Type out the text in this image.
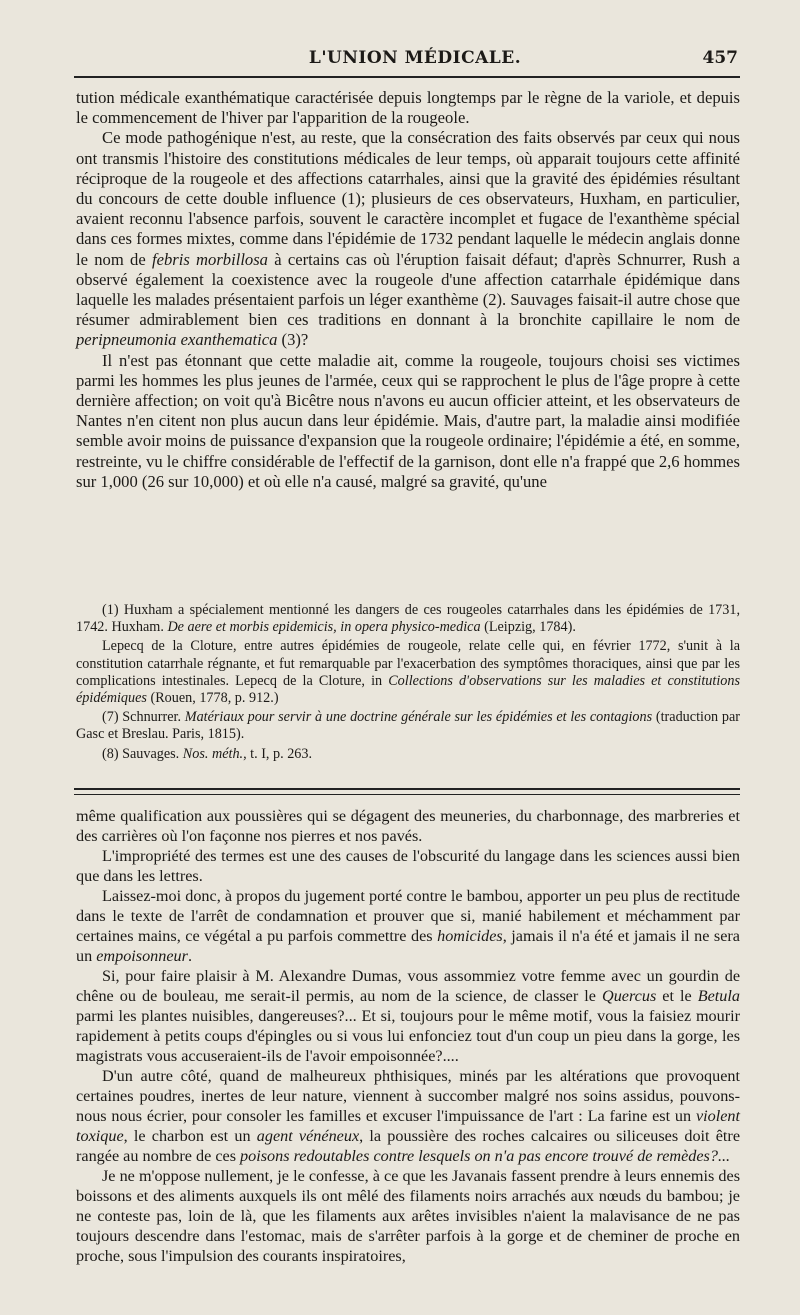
L'UNION MÉDICALE.	457

tution médicale exanthématique caractérisée depuis longtemps par le règne de la variole, et depuis le commencement de l'hiver par l'apparition de la rougeole.

Ce mode pathogénique n'est, au reste, que la consécration des faits observés par ceux qui nous ont transmis l'histoire des constitutions médicales de leur temps, où apparait toujours cette affinité réciproque de la rougeole et des affections catarrhales, ainsi que la gravité des épidémies résultant du concours de cette double influence (1); plusieurs de ces observateurs, Huxham, en particulier, avaient reconnu l'absence parfois, souvent le caractère incomplet et fugace de l'exanthème spécial dans ces formes mixtes, comme dans l'épidémie de 1732 pendant laquelle le médecin anglais donne le nom de febris morbillosa à certains cas où l'éruption faisait défaut; d'après Schnurrer, Rush a observé également la coexistence avec la rougeole d'une affection catarrhale épidémique dans laquelle les malades présentaient parfois un léger exanthème (2). Sauvages faisait-il autre chose que résumer admirablement bien ces traditions en donnant à la bronchite capillaire le nom de peripneumonia exanthematica (3)?

Il n'est pas étonnant que cette maladie ait, comme la rougeole, toujours choisi ses victimes parmi les hommes les plus jeunes de l'armée, ceux qui se rapprochent le plus de l'âge propre à cette dernière affection; on voit qu'à Bicêtre nous n'avons eu aucun officier atteint, et les observateurs de Nantes n'en citent non plus aucun dans leur épidémie. Mais, d'autre part, la maladie ainsi modifiée semble avoir moins de puissance d'expansion que la rougeole ordinaire; l'épidémie a été, en somme, restreinte, vu le chiffre considérable de l'effectif de la garnison, dont elle n'a frappé que 2,6 hommes sur 1,000 (26 sur 10,000) et où elle n'a causé, malgré sa gravité, qu'une

(1) Huxham a spécialement mentionné les dangers de ces rougeoles catarrhales dans les épidémies de 1731, 1742. Huxham. De aere et morbis epidemicis, in opera physico-medica (Leipzig, 1784).

Lepecq de la Cloture, entre autres épidémies de rougeole, relate celle qui, en février 1772, s'unit à la constitution catarrhale régnante, et fut remarquable par l'exacerbation des symptômes thoraciques, ainsi que par les complications intestinales. Lepecq de la Cloture, in Collections d'observations sur les maladies et constitutions épidémiques (Rouen, 1778, p. 912.)

(7) Schnurrer. Matériaux pour servir à une doctrine générale sur les épidémies et les contagions (traduction par Gasc et Breslau. Paris, 1815).

(8) Sauvages. Nos. méth., t. I, p. 263.

même qualification aux poussières qui se dégagent des meuneries, du charbonnage, des marbreries et des carrières où l'on façonne nos pierres et nos pavés.

L'impropriété des termes est une des causes de l'obscurité du langage dans les sciences aussi bien que dans les lettres.

Laissez-moi donc, à propos du jugement porté contre le bambou, apporter un peu plus de rectitude dans le texte de l'arrêt de condamnation et prouver que si, manié habilement et méchamment par certaines mains, ce végétal a pu parfois commettre des homicides, jamais il n'a été et jamais il ne sera un empoisonneur.

Si, pour faire plaisir à M. Alexandre Dumas, vous assommiez votre femme avec un gourdin de chêne ou de bouleau, me serait-il permis, au nom de la science, de classer le Quercus et le Betula parmi les plantes nuisibles, dangereuses?... Et si, toujours pour le même motif, vous la faisiez mourir rapidement à petits coups d'épingles ou si vous lui enfonciez tout d'un coup un pieu dans la gorge, les magistrats vous accuseraient-ils de l'avoir empoisonnée?....

D'un autre côté, quand de malheureux phthisiques, minés par les altérations que provoquent certaines poudres, inertes de leur nature, viennent à succomber malgré nos soins assidus, pouvons-nous nous écrier, pour consoler les familles et excuser l'impuissance de l'art : La farine est un violent toxique, le charbon est un agent vénéneux, la poussière des roches calcaires ou siliceuses doit être rangée au nombre de ces poisons redoutables contre lesquels on n'a pas encore trouvé de remèdes?...

Je ne m'oppose nullement, je le confesse, à ce que les Javanais fassent prendre à leurs ennemis des boissons et des aliments auxquels ils ont mêlé des filaments noirs arrachés aux nœuds du bambou; je ne conteste pas, loin de là, que les filaments aux arêtes invisibles n'aient la malavisance de ne pas toujours descendre dans l'estomac, mais de s'arrêter parfois à la gorge et de cheminer de proche en proche, sous l'impulsion des courants inspiratoires,
